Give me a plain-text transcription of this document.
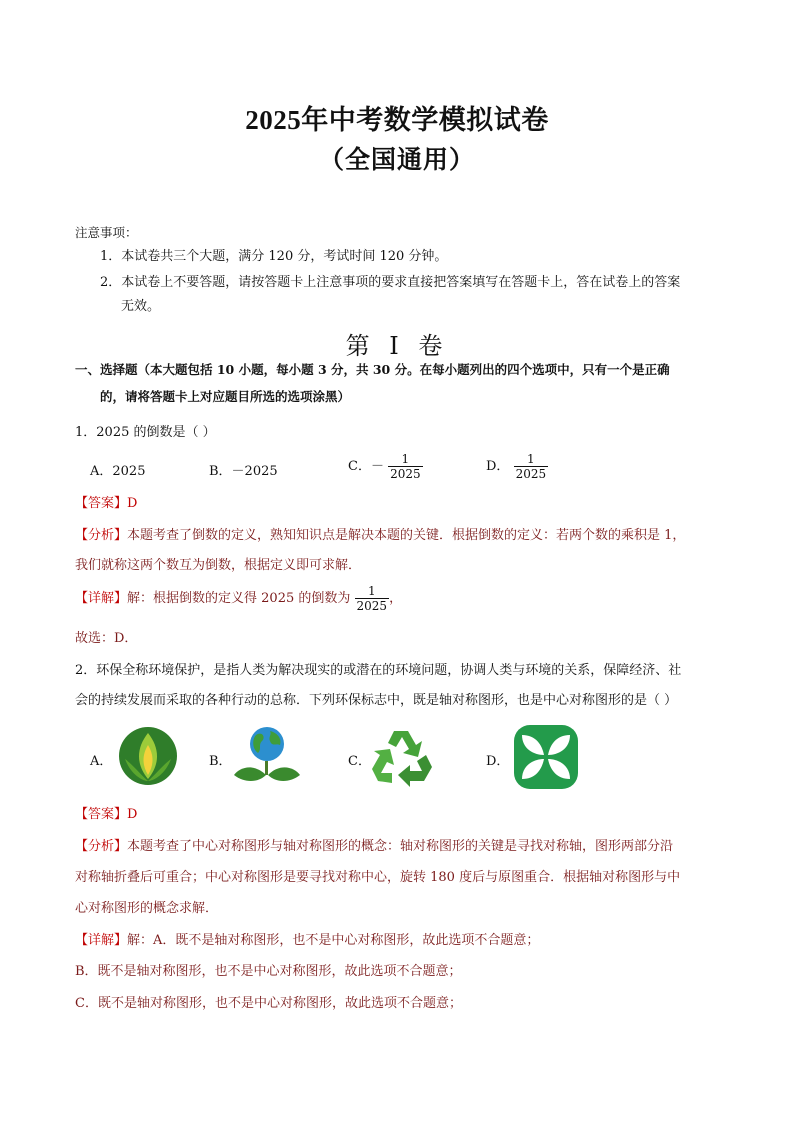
2025年中考数学模拟试卷
（全国通用）
注意事项：
1．本试卷共三个大题，满分 120 分，考试时间 120 分钟。
2．本试卷上不要答题，请按答题卡上注意事项的要求直接把答案填写在答题卡上，答在试卷上的答案
无效。
第 I 卷
一、选择题（本大题包括 10 小题，每小题 3 分，共 30 分。在每小题列出的四个选项中，只有一个是正确
的，请将答题卡上对应题目所选的选项涂黑）
1．2025 的倒数是（ ）
A．2025	B．－2025	C．－ $\frac{1}{2025}$	D． $\frac{1}{2025}$
【答案】D
【分析】本题考查了倒数的定义，熟知知识点是解决本题的关键．根据倒数的定义：若两个数的乘积是 1，
我们就称这两个数互为倒数，根据定义即可求解．
【详解】解：根据倒数的定义得 2025 的倒数为 $\frac{1}{2025}$ ，
故选：D．
2．环保全称环境保护，是指人类为解决现实的或潜在的环境问题，协调人类与环境的关系，保障经济、社
会的持续发展而采取的各种行动的总称．下列环保标志中，既是轴对称图形，也是中心对称图形的是（ ）
A．	B．	C．	D．
【答案】D
【分析】本题考查了中心对称图形与轴对称图形的概念：轴对称图形的关键是寻找对称轴，图形两部分沿
对称轴折叠后可重合；中心对称图形是要寻找对称中心，旋转 180 度后与原图重合．根据轴对称图形与中
心对称图形的概念求解．
【详解】解：A．既不是轴对称图形，也不是中心对称图形，故此选项不合题意；
B．既不是轴对称图形，也不是中心对称图形，故此选项不合题意；
C．既不是轴对称图形，也不是中心对称图形，故此选项不合题意；
